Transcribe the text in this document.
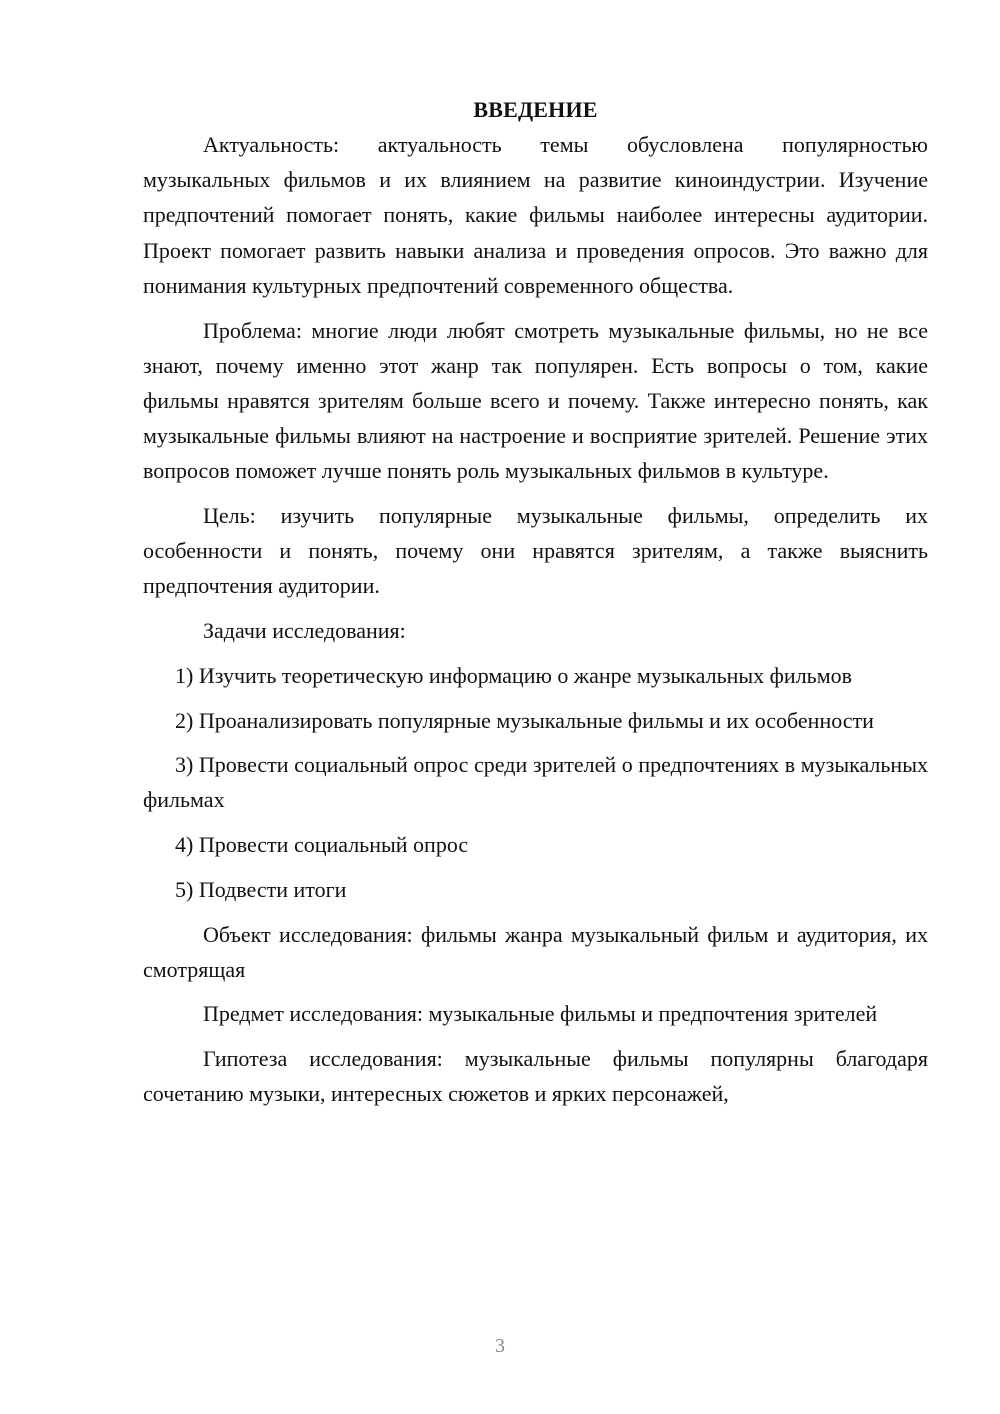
ВВЕДЕНИЕ

Актуальность: актуальность темы обусловлена популярностью музыкальных фильмов и их влиянием на развитие киноиндустрии. Изучение предпочтений помогает понять, какие фильмы наиболее интересны аудитории. Проект помогает развить навыки анализа и проведения опросов. Это важно для понимания культурных предпочтений современного общества.

Проблема: многие люди любят смотреть музыкальные фильмы, но не все знают, почему именно этот жанр так популярен. Есть вопросы о том, какие фильмы нравятся зрителям больше всего и почему. Также интересно понять, как музыкальные фильмы влияют на настроение и восприятие зрителей. Решение этих вопросов поможет лучше понять роль музыкальных фильмов в культуре.

Цель: изучить популярные музыкальные фильмы, определить их особенности и понять, почему они нравятся зрителям, а также выяснить предпочтения аудитории.

Задачи исследования:

1) Изучить теоретическую информацию о жанре музыкальных фильмов

2) Проанализировать популярные музыкальные фильмы и их особенности

3) Провести социальный опрос среди зрителей о предпочтениях в музыкальных фильмах

4) Провести социальный опрос

5) Подвести итоги

Объект исследования: фильмы жанра музыкальный фильм и аудитория, их смотрящая

Предмет исследования: музыкальные фильмы и предпочтения зрителей

Гипотеза исследования: музыкальные фильмы популярны благодаря сочетанию музыки, интересных сюжетов и ярких персонажей,

3
